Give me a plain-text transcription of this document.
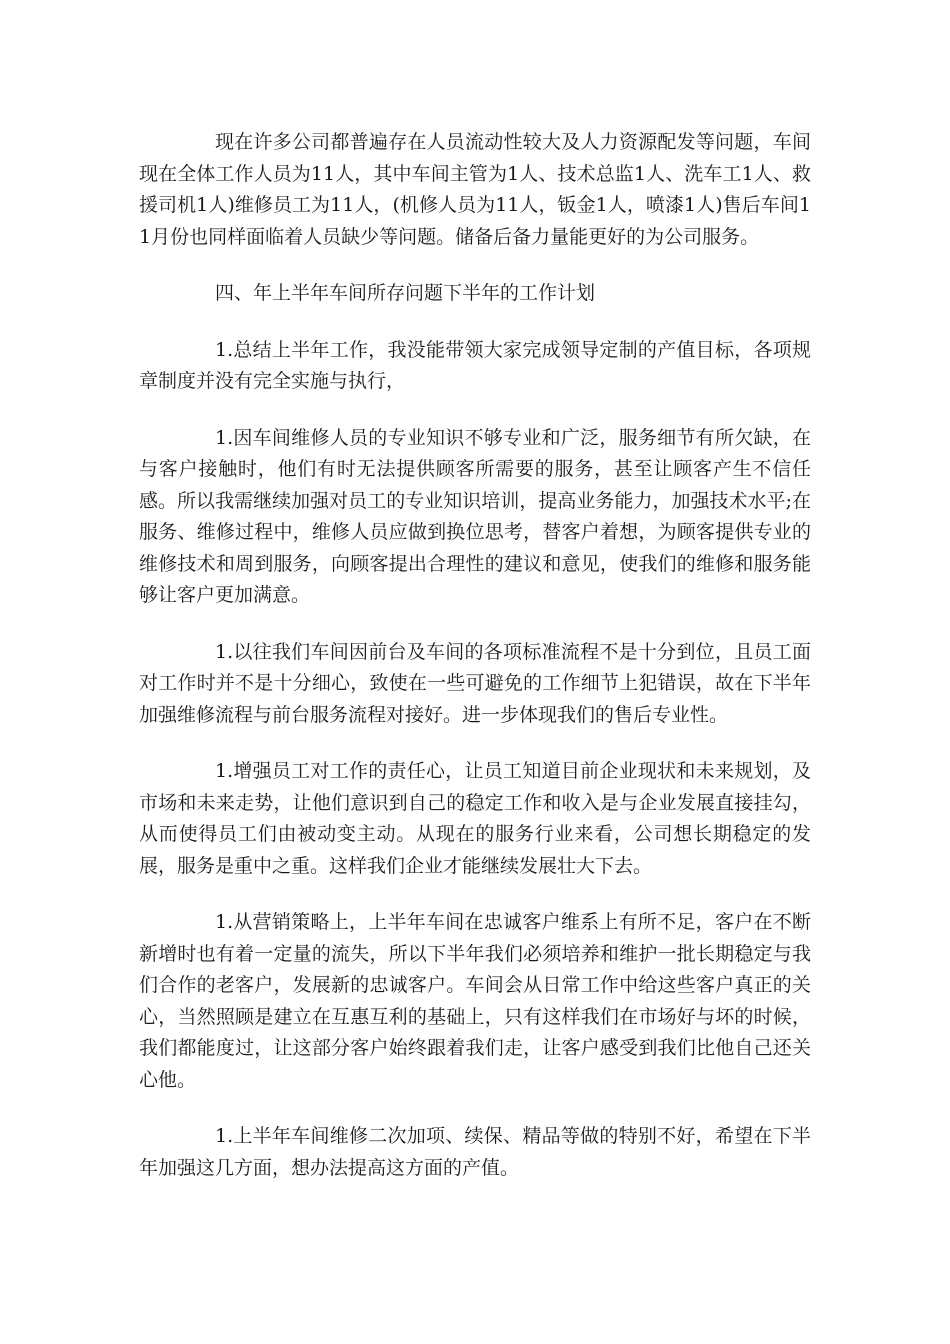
现在许多公司都普遍存在人员流动性较大及人力资源配发等问题，车间现在全体工作人员为11人，其中车间主管为1人、技术总监1人、洗车工1人、救援司机1人)维修员工为11人，(机修人员为11人，钣金1人，喷漆1人)售后车间11月份也同样面临着人员缺少等问题。储备后备力量能更好的为公司服务。

四、年上半年车间所存问题下半年的工作计划

1.总结上半年工作，我没能带领大家完成领导定制的产值目标，各项规章制度并没有完全实施与执行，

1.因车间维修人员的专业知识不够专业和广泛，服务细节有所欠缺，在与客户接触时，他们有时无法提供顾客所需要的服务，甚至让顾客产生不信任感。所以我需继续加强对员工的专业知识培训，提高业务能力，加强技术水平;在服务、维修过程中，维修人员应做到换位思考，替客户着想，为顾客提供专业的维修技术和周到服务，向顾客提出合理性的建议和意见，使我们的维修和服务能够让客户更加满意。

1.以往我们车间因前台及车间的各项标准流程不是十分到位，且员工面对工作时并不是十分细心，致使在一些可避免的工作细节上犯错误，故在下半年加强维修流程与前台服务流程对接好。进一步体现我们的售后专业性。

1.增强员工对工作的责任心，让员工知道目前企业现状和未来规划，及市场和未来走势，让他们意识到自己的稳定工作和收入是与企业发展直接挂勾，从而使得员工们由被动变主动。从现在的服务行业来看，公司想长期稳定的发展，服务是重中之重。这样我们企业才能继续发展壮大下去。

1.从营销策略上，上半年车间在忠诚客户维系上有所不足，客户在不断新增时也有着一定量的流失，所以下半年我们必须培养和维护一批长期稳定与我们合作的老客户，发展新的忠诚客户。车间会从日常工作中给这些客户真正的关心，当然照顾是建立在互惠互利的基础上，只有这样我们在市场好与坏的时候，我们都能度过，让这部分客户始终跟着我们走，让客户感受到我们比他自己还关心他。

1.上半年车间维修二次加项、续保、精品等做的特别不好，希望在下半年加强这几方面，想办法提高这方面的产值。
